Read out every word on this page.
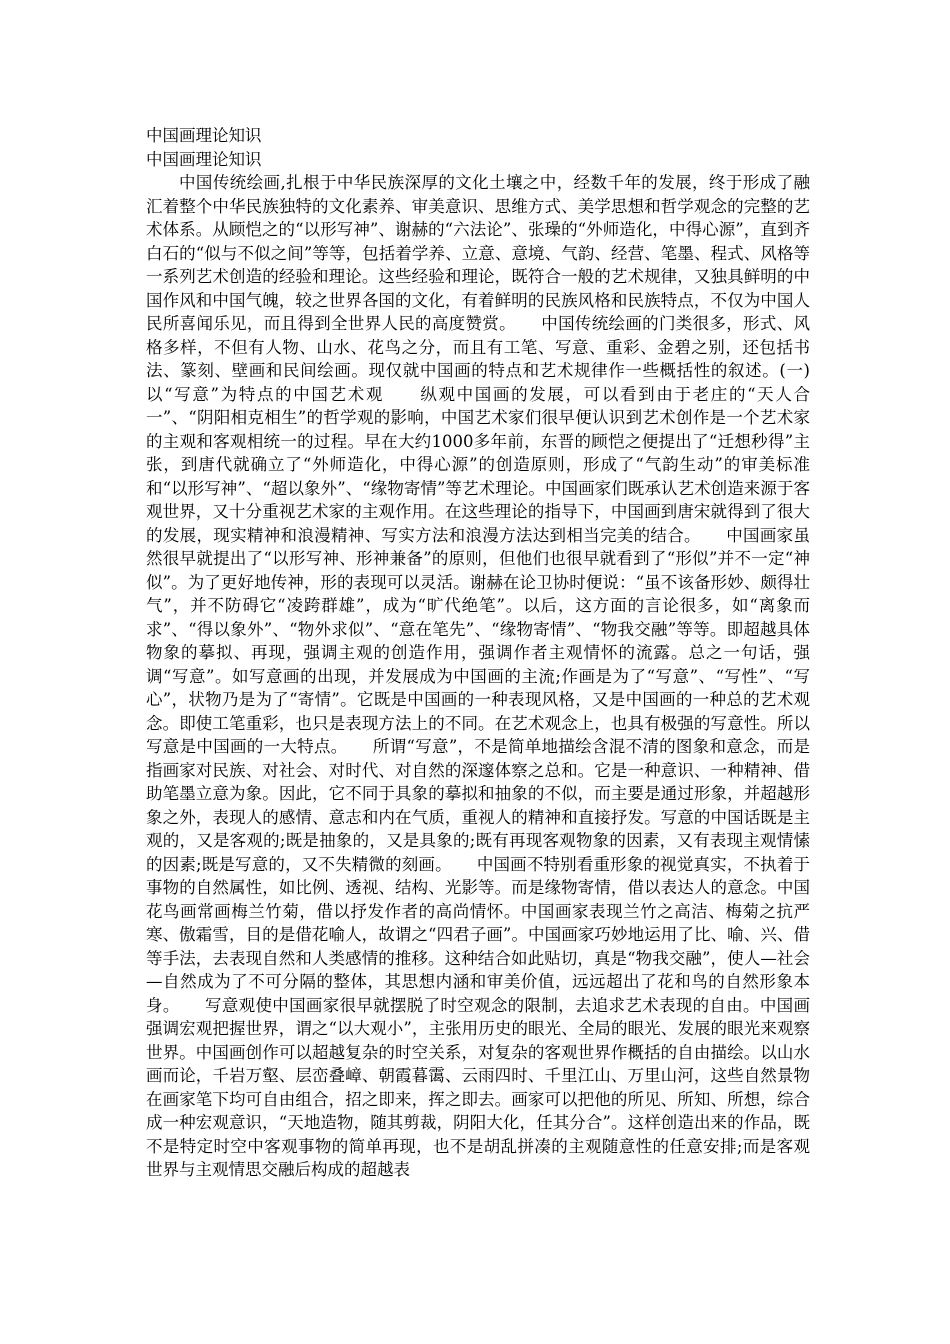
中国画理论知识

中国画理论知识

中国传统绘画,扎根于中华民族深厚的文化土壤之中，经数千年的发展，终于形成了融汇着整个中华民族独特的文化素养、审美意识、思维方式、美学思想和哲学观念的完整的艺术体系。从顾恺之的“以形写神”、谢赫的“六法论”、张璪的“外师造化，中得心源”，直到齐白石的“似与不似之间”等等，包括着学养、立意、意境、气韵、经营、笔墨、程式、风格等一系列艺术创造的经验和理论。这些经验和理论，既符合一般的艺术规律，又独具鲜明的中国作风和中国气魄，较之世界各国的文化，有着鲜明的民族风格和民族特点，不仅为中国人民所喜闻乐见，而且得到全世界人民的高度赞赏。　　中国传统绘画的门类很多，形式、风格多样，不但有人物、山水、花鸟之分，而且有工笔、写意、重彩、金碧之别，还包括书法、篆刻、壁画和民间绘画。现仅就中国画的特点和艺术规律作一些概括性的叙述。(一)以“写意”为特点的中国艺术观　　纵观中国画的发展，可以看到由于老庄的“天人合一”、“阴阳相克相生”的哲学观的影响，中国艺术家们很早便认识到艺术创作是一个艺术家的主观和客观相统一的过程。早在大约1000多年前，东晋的顾恺之便提出了“迁想秒得”主张，到唐代就确立了“外师造化，中得心源”的创造原则，形成了“气韵生动”的审美标准和“以形写神”、“超以象外”、“缘物寄情”等艺术理论。中国画家们既承认艺术创造来源于客观世界，又十分重视艺术家的主观作用。在这些理论的指导下，中国画到唐宋就得到了很大的发展，现实精神和浪漫精神、写实方法和浪漫方法达到相当完美的结合。　　中国画家虽然很早就提出了“以形写神、形神兼备”的原则，但他们也很早就看到了“形似”并不一定“神似”。为了更好地传神，形的表现可以灵活。谢赫在论卫协时便说：“虽不该备形妙、颇得壮气”，并不防碍它“凌跨群雄”，成为“旷代绝笔”。以后，这方面的言论很多，如“离象而求”、“得以象外”、“物外求似”、“意在笔先”、“缘物寄情”、“物我交融”等等。即超越具体物象的摹拟、再现，强调主观的创造作用，强调作者主观情怀的流露。总之一句话，强调“写意”。如写意画的出现，并发展成为中国画的主流;作画是为了“写意”、“写性”、“写心”，状物乃是为了“寄情”。它既是中国画的一种表现风格，又是中国画的一种总的艺术观念。即使工笔重彩，也只是表现方法上的不同。在艺术观念上，也具有极强的写意性。所以写意是中国画的一大特点。　　所谓“写意”，不是简单地描绘含混不清的图象和意念，而是指画家对民族、对社会、对时代、对自然的深邃体察之总和。它是一种意识、一种精神、借助笔墨立意为象。因此，它不同于具象的摹拟和抽象的不似，而主要是通过形象，并超越形象之外，表现人的感情、意志和内在气质，重视人的精神和直接抒发。写意的中国话既是主观的，又是客观的;既是抽象的，又是具象的;既有再现客观物象的因素，又有表现主观情愫的因素;既是写意的，又不失精微的刻画。　　中国画不特别看重形象的视觉真实，不执着于事物的自然属性，如比例、透视、结构、光影等。而是缘物寄情，借以表达人的意念。中国花鸟画常画梅兰竹菊，借以抒发作者的高尚情怀。中国画家表现兰竹之高洁、梅菊之抗严寒、傲霜雪，目的是借花喻人，故谓之“四君子画”。中国画家巧妙地运用了比、喻、兴、借等手法，去表现自然和人类感情的推移。这种结合如此贴切，真是“物我交融”，使人—社会—自然成为了不可分隔的整体，其思想内涵和审美价值，远远超出了花和鸟的自然形象本身。　　写意观使中国画家很早就摆脱了时空观念的限制，去追求艺术表现的自由。中国画强调宏观把握世界，谓之“以大观小”，主张用历史的眼光、全局的眼光、发展的眼光来观察世界。中国画创作可以超越复杂的时空关系，对复杂的客观世界作概括的自由描绘。以山水画而论，千岩万壑、层峦叠嶂、朝霞暮霭、云雨四时、千里江山、万里山河，这些自然景物在画家笔下均可自由组合，招之即来，挥之即去。画家可以把他的所见、所知、所想，综合成一种宏观意识，“天地造物，随其剪裁，阴阳大化，任其分合”。这样创造出来的作品，既不是特定时空中客观事物的简单再现，也不是胡乱拼凑的主观随意性的任意安排;而是客观世界与主观情思交融后构成的超越表
